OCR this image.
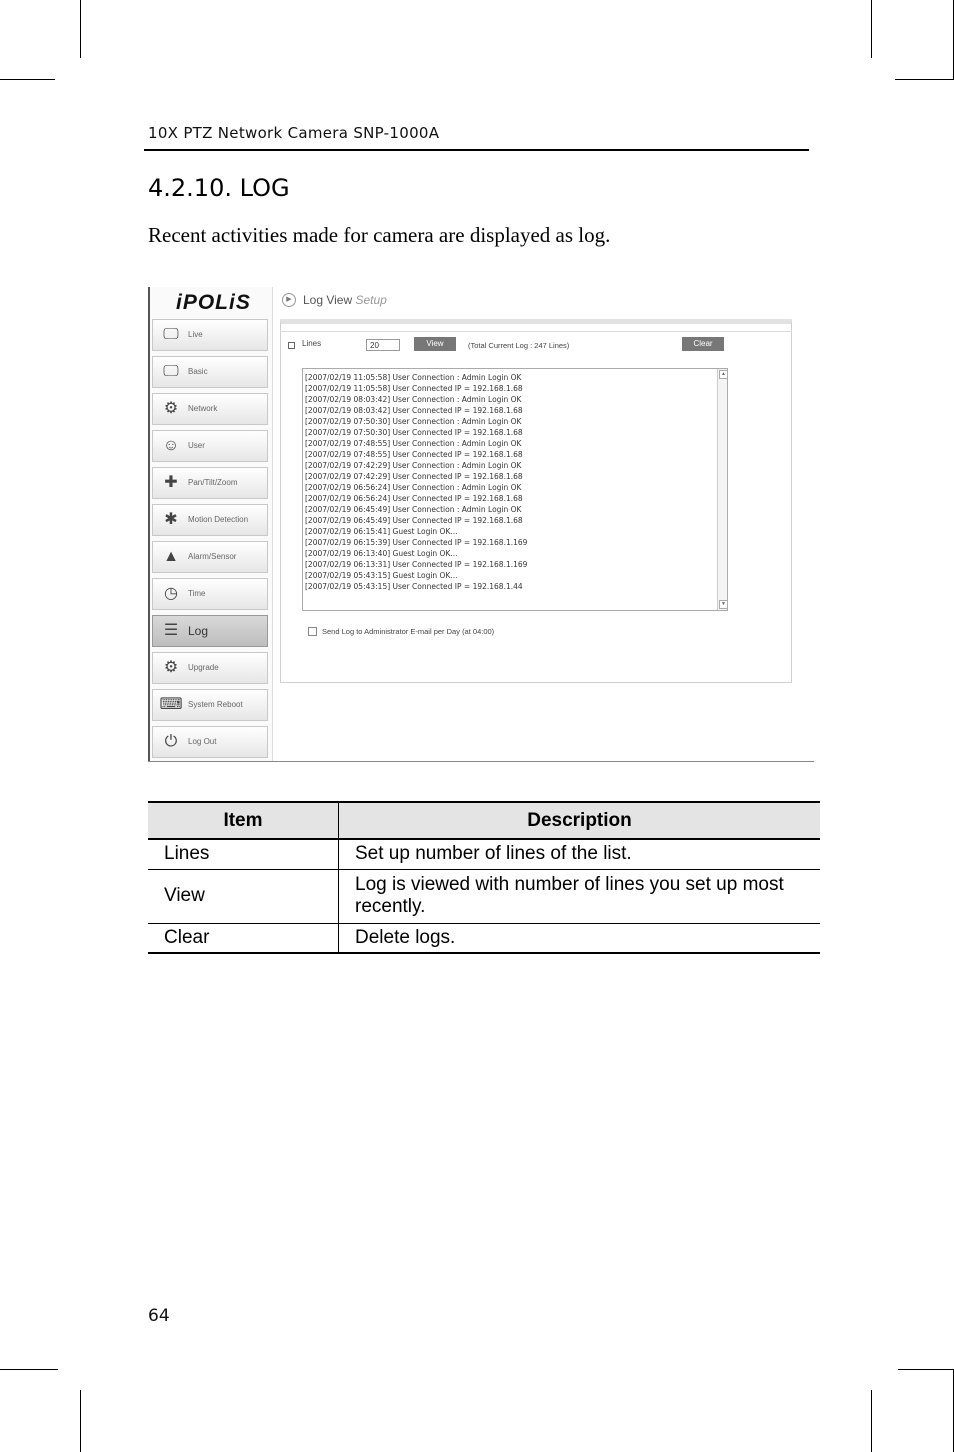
10X PTZ Network Camera SNP-1000A
4.2.10. LOG
Recent activities made for camera are displayed as log.
iPOLiS
🖵	Live
🖵	Basic
⚙	Network
☺	User
✚	Pan/Tilt/Zoom
✱	Motion Detection
▲	Alarm/Sensor
◷	Time
☰ Log
⚙	Upgrade
⌨ System Reboot
⏻	Log Out
▶ Log View Setup
Lines	20	View	(Total Current Log : 247 Lines)	Clear
[2007/02/19 11:05:58] User Connection : Admin Login OK
[2007/02/19 11:05:58] User Connected IP = 192.168.1.68
[2007/02/19 08:03:42] User Connection : Admin Login OK
[2007/02/19 08:03:42] User Connected IP = 192.168.1.68
[2007/02/19 07:50:30] User Connection : Admin Login OK
[2007/02/19 07:50:30] User Connected IP = 192.168.1.68
[2007/02/19 07:48:55] User Connection : Admin Login OK
[2007/02/19 07:48:55] User Connected IP = 192.168.1.68
[2007/02/19 07:42:29] User Connection : Admin Login OK
[2007/02/19 07:42:29] User Connected IP = 192.168.1.68
[2007/02/19 06:56:24] User Connection : Admin Login OK
[2007/02/19 06:56:24] User Connected IP = 192.168.1.68
[2007/02/19 06:45:49] User Connection : Admin Login OK
[2007/02/19 06:45:49] User Connected IP = 192.168.1.68
[2007/02/19 06:15:41] Guest Login OK...
[2007/02/19 06:15:39] User Connected IP = 192.168.1.169
[2007/02/19 06:13:40] Guest Login OK...
[2007/02/19 06:13:31] User Connected IP = 192.168.1.169
[2007/02/19 05:43:15] Guest Login OK...
[2007/02/19 05:43:15] User Connected IP = 192.168.1.44
▲
▼
Send Log to Administrator E-mail per Day (at 04:00)
Item	Description
Lines	Set up number of lines of the list.
View	Log is viewed with number of lines you set up most recently.
Clear	Delete logs.
64
